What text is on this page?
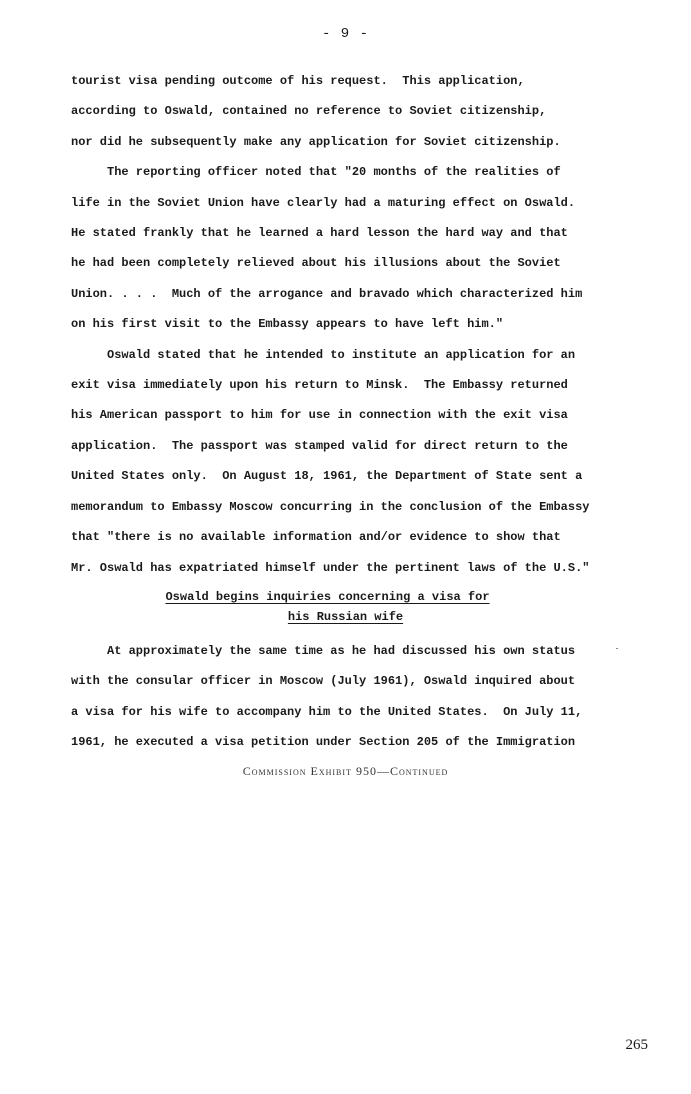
- 9 -
tourist visa pending outcome of his request.  This application,
according to Oswald, contained no reference to Soviet citizenship,
nor did he subsequently make any application for Soviet citizenship.
The reporting officer noted that "20 months of the realities of
life in the Soviet Union have clearly had a maturing effect on Oswald.
He stated frankly that he learned a hard lesson the hard way and that
he had been completely relieved about his illusions about the Soviet
Union. . . .  Much of the arrogance and bravado which characterized him
on his first visit to the Embassy appears to have left him."
Oswald stated that he intended to institute an application for an
exit visa immediately upon his return to Minsk.  The Embassy returned
his American passport to him for use in connection with the exit visa
application.  The passport was stamped valid for direct return to the
United States only.  On August 18, 1961, the Department of State sent a
memorandum to Embassy Moscow concurring in the conclusion of the Embassy
that "there is no available information and/or evidence to show that
Mr. Oswald has expatriated himself under the pertinent laws of the U.S."
Oswald begins inquiries concerning a visa for
his Russian wife
At approximately the same time as he had discussed his own status
with the consular officer in Moscow (July 1961), Oswald inquired about
a visa for his wife to accompany him to the United States.  On July 11,
1961, he executed a visa petition under Section 205 of the Immigration
Commission Exhibit 950—Continued
265
